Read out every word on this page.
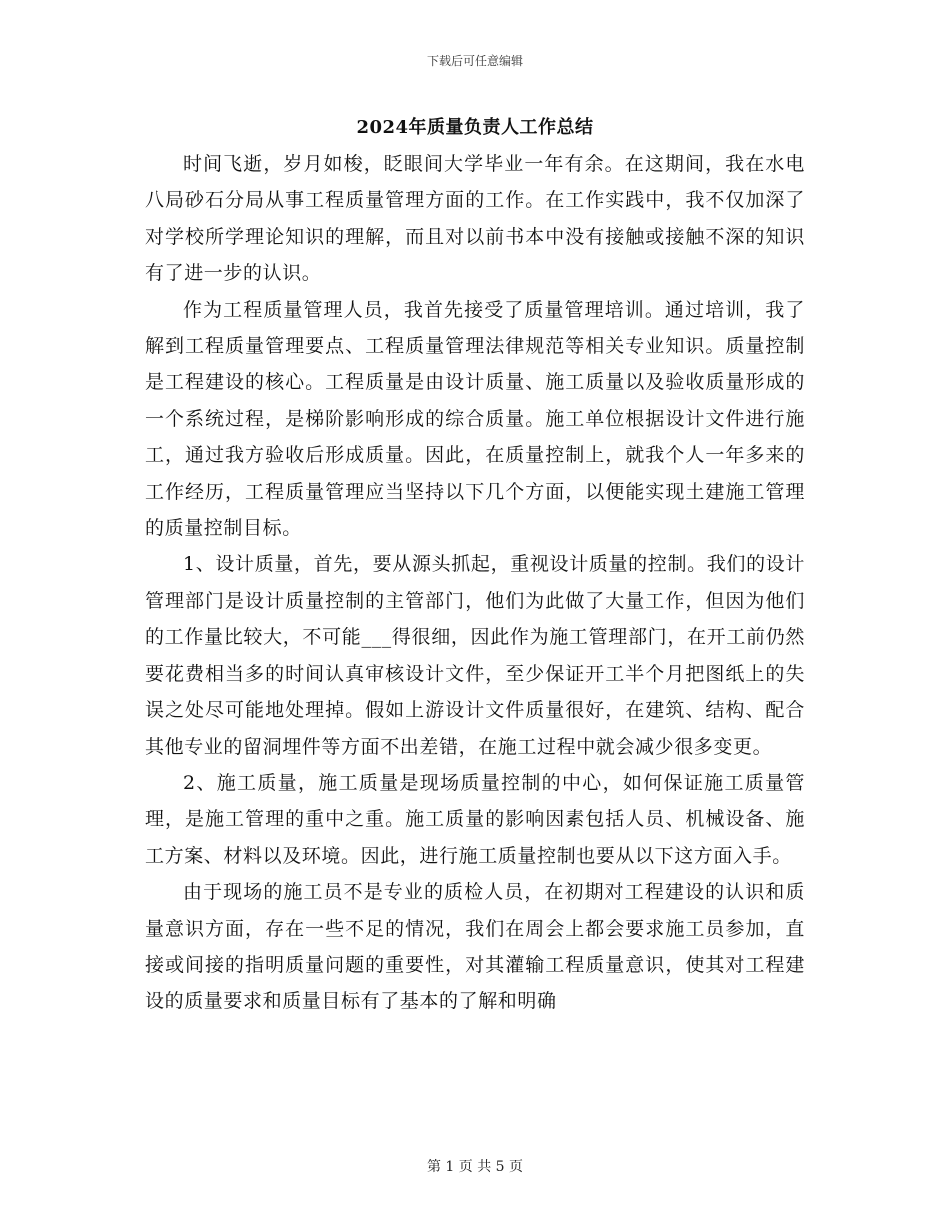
下载后可任意编辑
2024年质量负责人工作总结

时间飞逝，岁月如梭，眨眼间大学毕业一年有余。在这期间，我在水电八局砂石分局从事工程质量管理方面的工作。在工作实践中，我不仅加深了对学校所学理论知识的理解，而且对以前书本中没有接触或接触不深的知识有了进一步的认识。

作为工程质量管理人员，我首先接受了质量管理培训。通过培训，我了解到工程质量管理要点、工程质量管理法律规范等相关专业知识。质量控制是工程建设的核心。工程质量是由设计质量、施工质量以及验收质量形成的一个系统过程，是梯阶影响形成的综合质量。施工单位根据设计文件进行施工，通过我方验收后形成质量。因此，在质量控制上，就我个人一年多来的工作经历，工程质量管理应当坚持以下几个方面，以便能实现土建施工管理的质量控制目标。

1、设计质量，首先，要从源头抓起，重视设计质量的控制。我们的设计管理部门是设计质量控制的主管部门，他们为此做了大量工作，但因为他们的工作量比较大，不可能___得很细，因此作为施工管理部门，在开工前仍然要花费相当多的时间认真审核设计文件，至少保证开工半个月把图纸上的失误之处尽可能地处理掉。假如上游设计文件质量很好，在建筑、结构、配合其他专业的留洞埋件等方面不出差错，在施工过程中就会减少很多变更。

2、施工质量，施工质量是现场质量控制的中心，如何保证施工质量管理，是施工管理的重中之重。施工质量的影响因素包括人员、机械设备、施工方案、材料以及环境。因此，进行施工质量控制也要从以下这方面入手。

由于现场的施工员不是专业的质检人员，在初期对工程建设的认识和质量意识方面，存在一些不足的情况，我们在周会上都会要求施工员参加，直接或间接的指明质量问题的重要性，对其灌输工程质量意识，使其对工程建设的质量要求和质量目标有了基本的了解和明确

第 1 页 共 5 页
